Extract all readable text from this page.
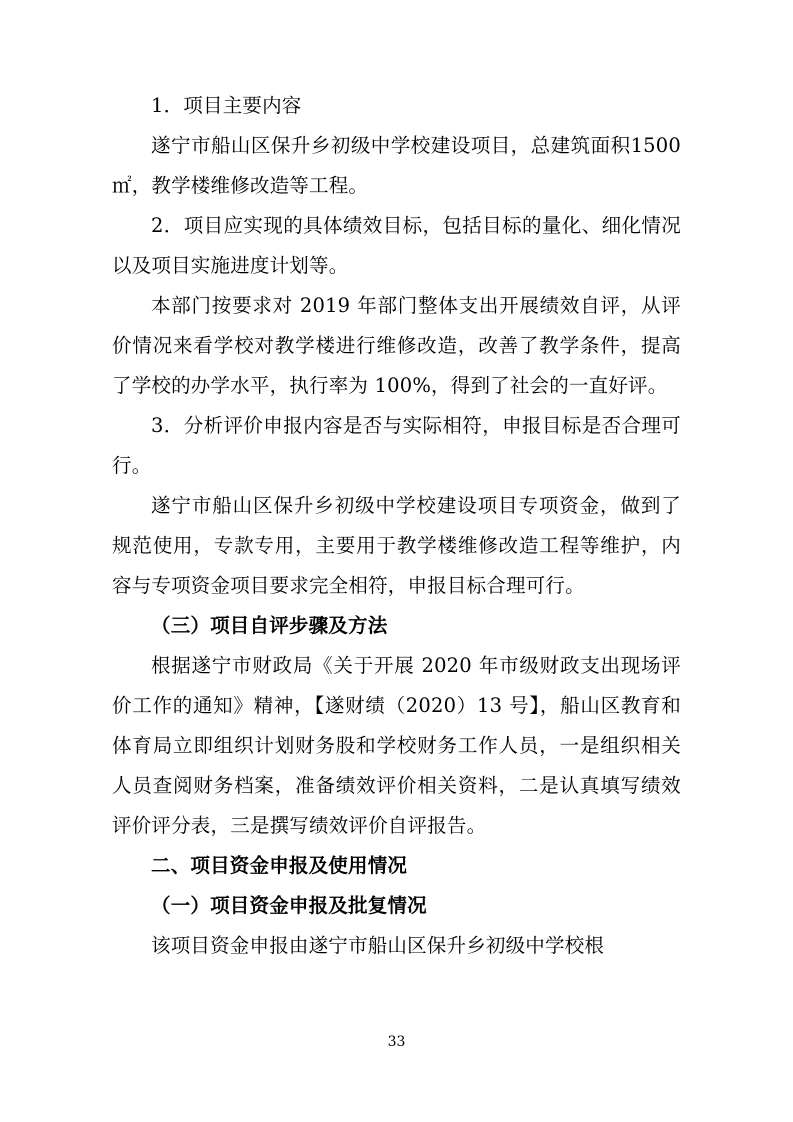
1．项目主要内容

遂宁市船山区保升乡初级中学校建设项目，总建筑面积1500 ㎡，教学楼维修改造等工程。

2．项目应实现的具体绩效目标，包括目标的量化、细化情况以及项目实施进度计划等。

本部门按要求对 2019 年部门整体支出开展绩效自评，从评价情况来看学校对教学楼进行维修改造，改善了教学条件，提高了学校的办学水平，执行率为 100%，得到了社会的一直好评。

3．分析评价申报内容是否与实际相符，申报目标是否合理可行。

遂宁市船山区保升乡初级中学校建设项目专项资金，做到了规范使用，专款专用，主要用于教学楼维修改造工程等维护，内容与专项资金项目要求完全相符，申报目标合理可行。

（三）项目自评步骤及方法

根据遂宁市财政局《关于开展 2020 年市级财政支出现场评价工作的通知》精神，【遂财绩（2020）13 号】，船山区教育和体育局立即组织计划财务股和学校财务工作人员，一是组织相关人员查阅财务档案，准备绩效评价相关资料，二是认真填写绩效评价评分表，三是撰写绩效评价自评报告。

二、项目资金申报及使用情况

（一）项目资金申报及批复情况

该项目资金申报由遂宁市船山区保升乡初级中学校根

33
